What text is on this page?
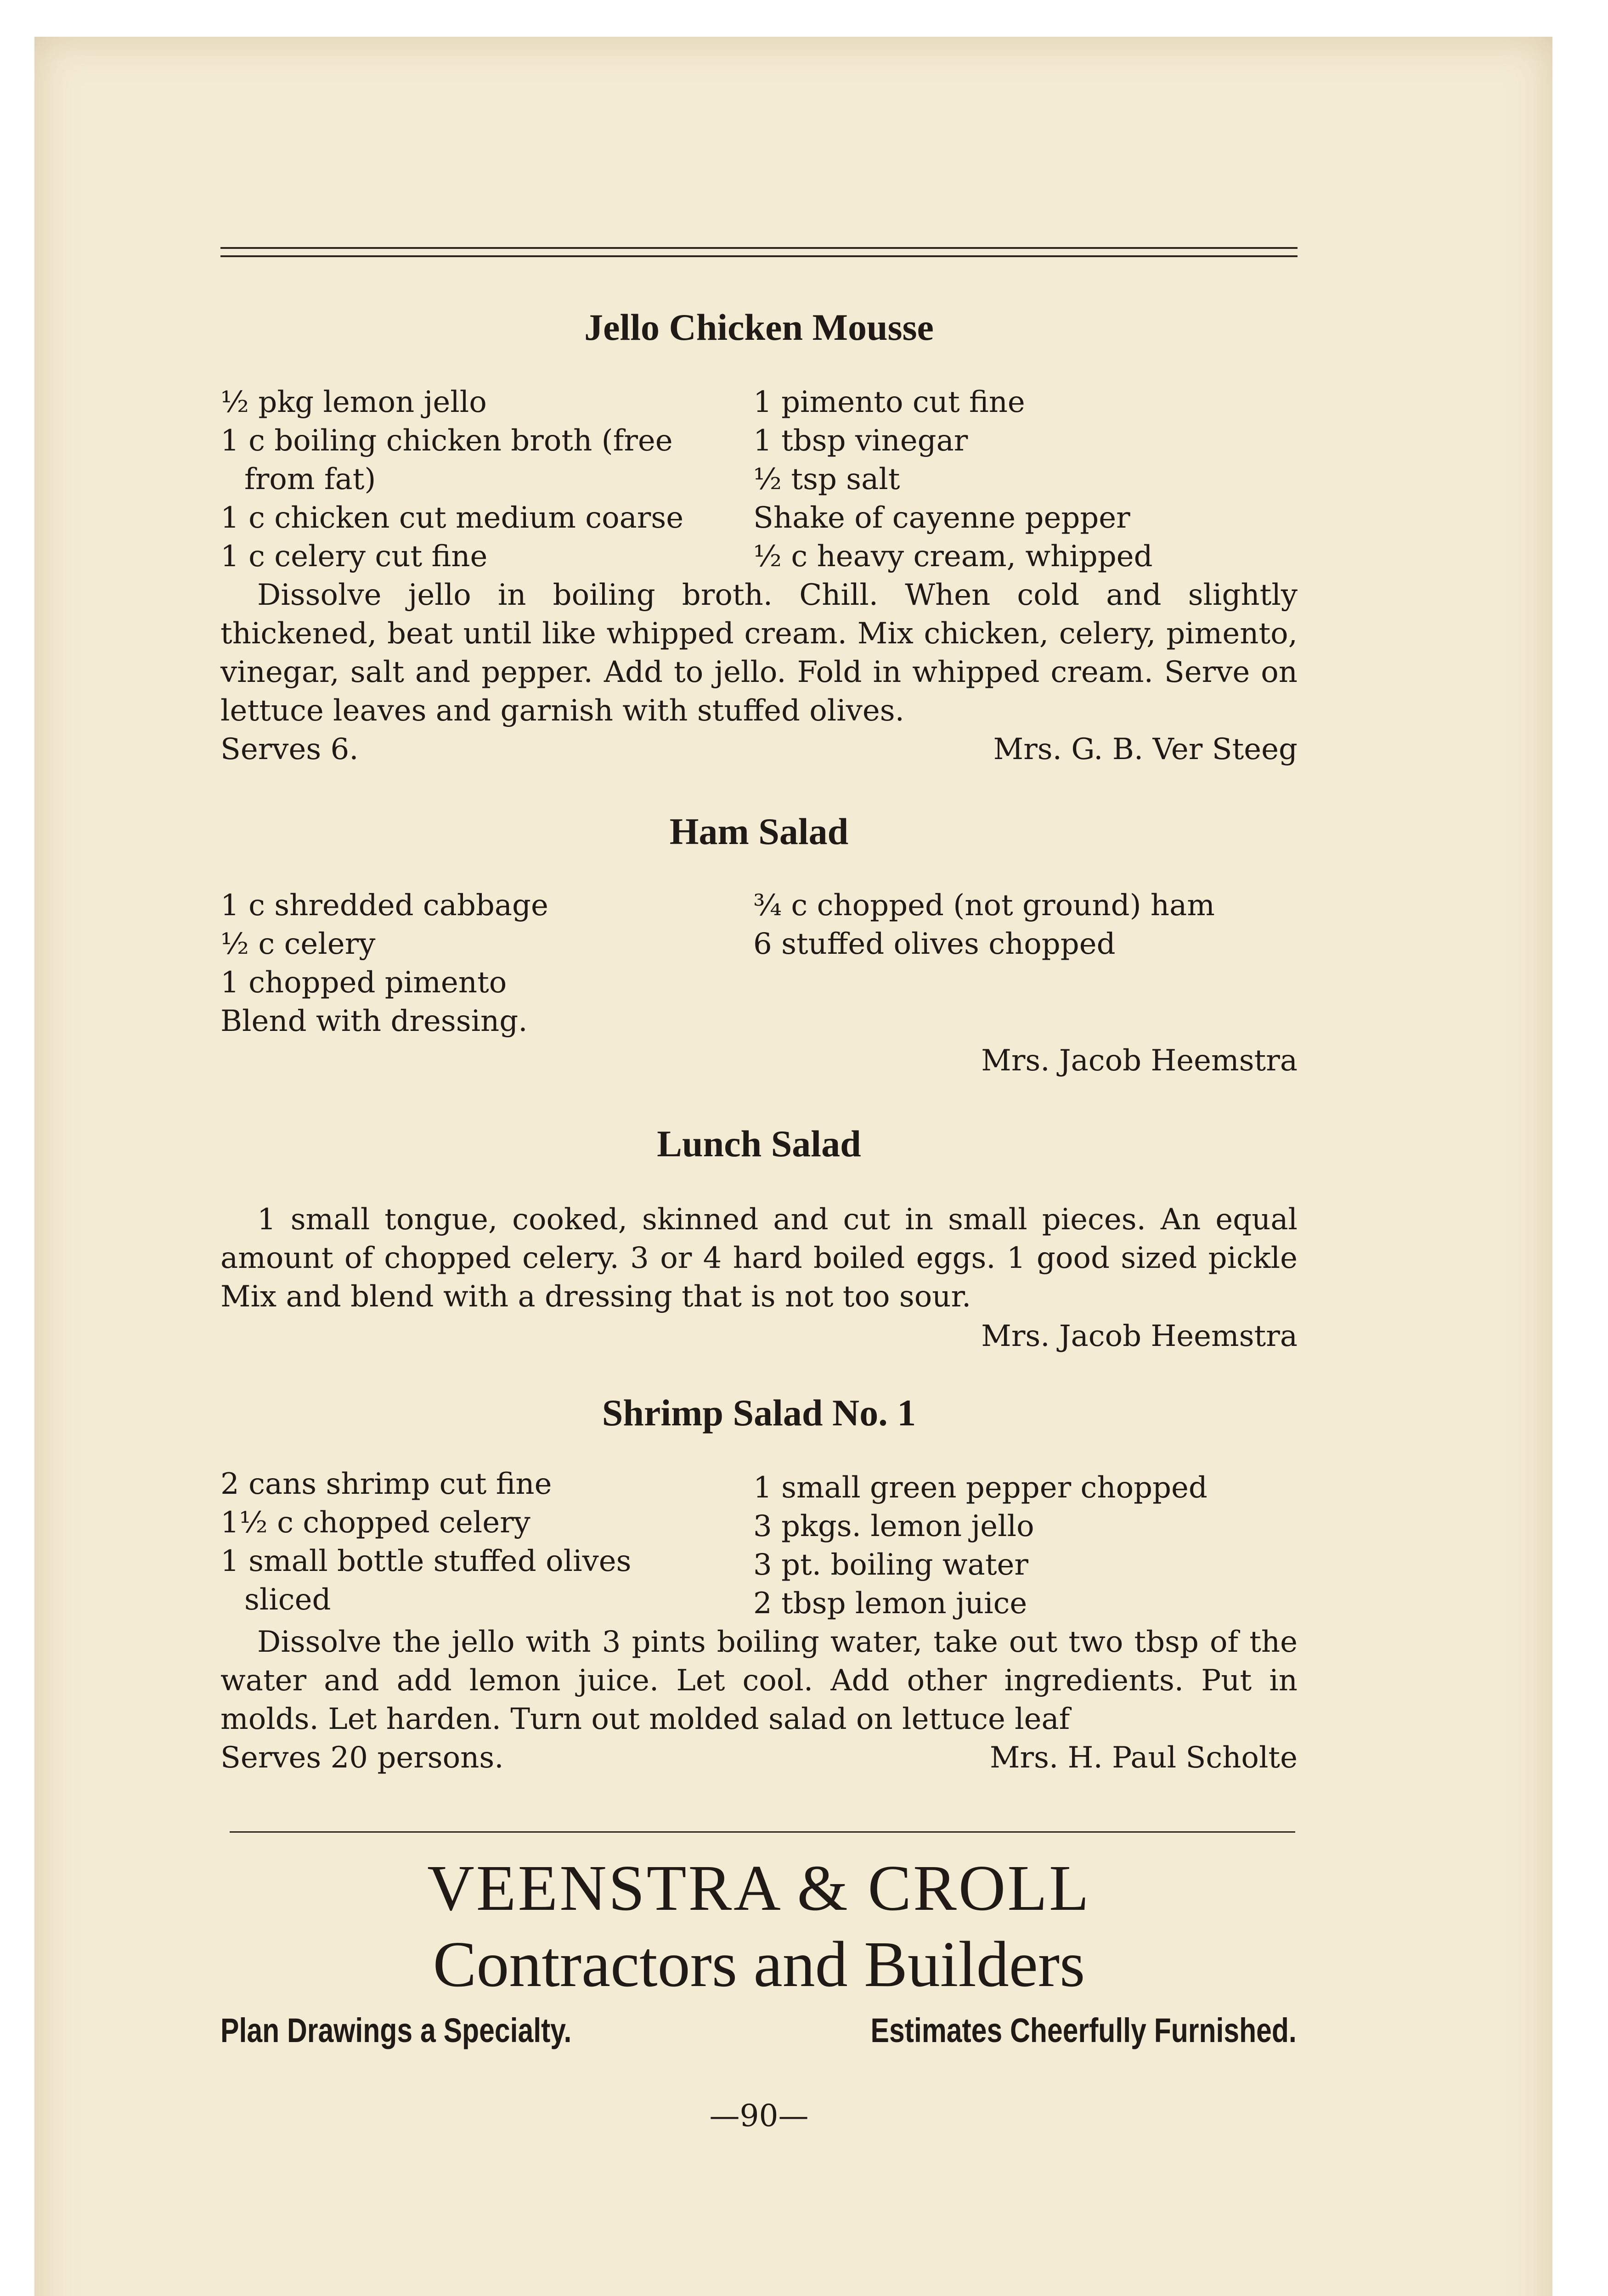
Jello Chicken Mousse
½ pkg lemon jello
1 c boiling chicken broth (free
from fat)
1 c chicken cut medium coarse
1 c celery cut fine
1 pimento cut fine
1 tbsp vinegar
½ tsp salt
Shake of cayenne pepper
½ c heavy cream, whipped
Dissolve jello in boiling broth. Chill. When cold and slightly thickened, beat until like whipped cream. Mix chicken, celery, pimento, vinegar, salt and pepper. Add to jello. Fold in whipped cream. Serve on lettuce leaves and garnish with stuffed olives.
Serves 6.	Mrs. G. B. Ver Steeg
Ham Salad
1 c shredded cabbage
½ c celery
1 chopped pimento
Blend with dressing.
¾ c chopped (not ground) ham
6 stuffed olives chopped
Mrs. Jacob Heemstra
Lunch Salad
1 small tongue, cooked, skinned and cut in small pieces. An equal amount of chopped celery. 3 or 4 hard boiled eggs. 1 good sized pickle Mix and blend with a dressing that is not too sour.
Mrs. Jacob Heemstra
Shrimp Salad No. 1
2 cans shrimp cut fine
1½ c chopped celery
1 small bottle stuffed olives
sliced
1 small green pepper chopped
3 pkgs. lemon jello
3 pt. boiling water
2 tbsp lemon juice
Dissolve the jello with 3 pints boiling water, take out two tbsp of the water and add lemon juice. Let cool. Add other ingredients. Put in molds. Let harden. Turn out molded salad on lettuce leaf
Serves 20 persons.	Mrs. H. Paul Scholte
VEENSTRA & CROLL
Contractors and Builders
Plan Drawings a Specialty.	Estimates Cheerfully Furnished.
—90—
